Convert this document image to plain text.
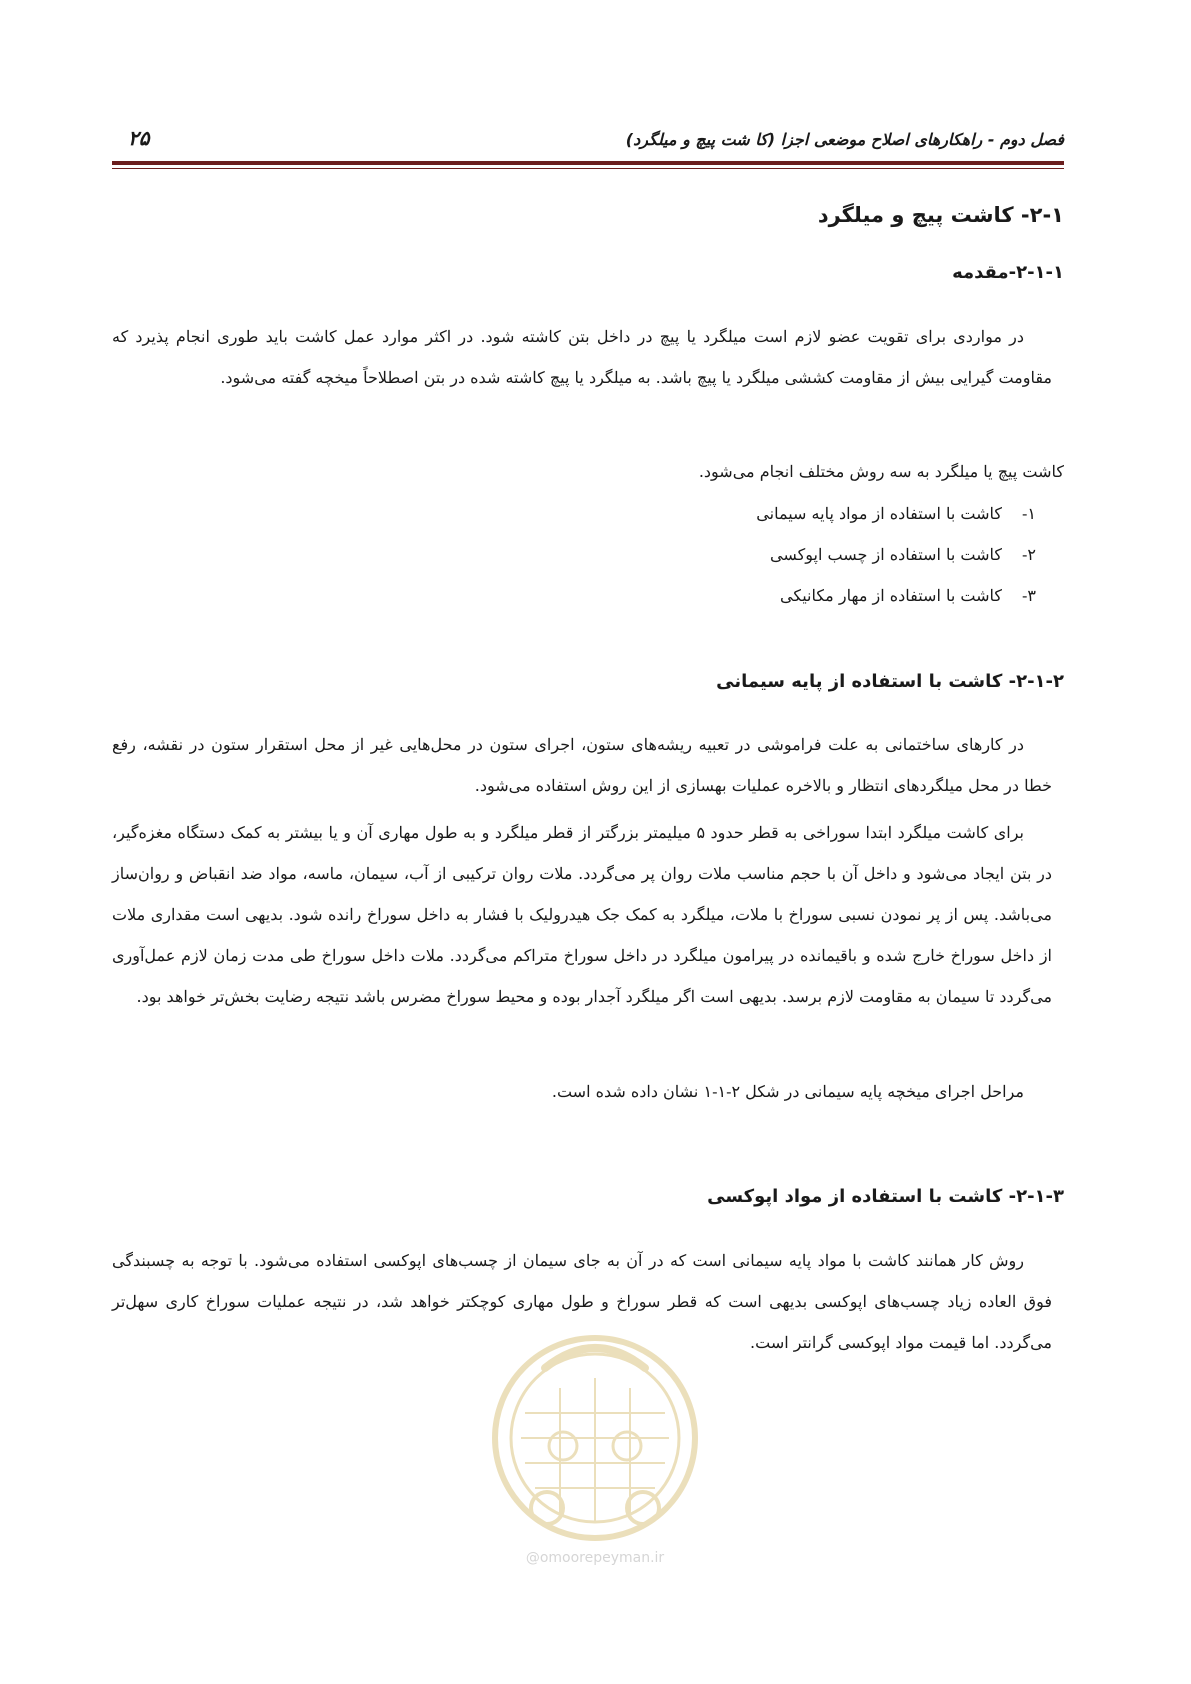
فصل دوم - راهکارهای اصلاح موضعی اجزا (کا شت پیچ و میلگرد)
۲۵
۲-۱- کاشت پیچ و میلگرد
۲-۱-۱-مقدمه

در مواردی برای تقویت عضو لازم است میلگرد یا پیچ در داخل بتن کاشته شود. در اکثر موارد عمل کاشت باید طوری انجام پذیرد که مقاومت گیرایی بیش از مقاومت کششی میلگرد یا پیچ باشد. به میلگرد یا پیچ کاشته شده در بتن اصطلاحاً میخچه گفته می‌شود.

کاشت پیچ یا میلگرد به سه روش مختلف انجام می‌شود.

۱-کاشت با استفاده از مواد پایه سیمانی
۲-کاشت با استفاده از چسب اپوکسی
۳-کاشت با استفاده از مهار مکانیکی
۲-۱-۲- کاشت با استفاده از پایه سیمانی

در کارهای ساختمانی به علت فراموشی در تعبیه ریشه‌های ستون، اجرای ستون در محل‌هایی غیر از محل استقرار ستون در نقشه، رفع خطا در محل میلگردهای انتظار و بالاخره عملیات بهسازی از این روش استفاده می‌شود.

برای کاشت میلگرد ابتدا سوراخی به قطر حدود ۵ میلیمتر بزرگتر از قطر میلگرد و به طول مهاری آن و یا بیشتر به کمک دستگاه مغزه‌گیر، در بتن ایجاد می‌شود و داخل آن با حجم مناسب ملات روان پر می‌گردد. ملات روان ترکیبی از آب، سیمان، ماسه، مواد ضد انقباض و روان‌ساز می‌باشد. پس از پر نمودن نسبی سوراخ با ملات، میلگرد به کمک جک هیدرولیک با فشار به داخل سوراخ رانده شود. بدیهی است مقداری ملات از داخل سوراخ خارج شده و باقیمانده در پیرامون میلگرد در داخل سوراخ متراکم می‌گردد. ملات داخل سوراخ طی مدت زمان لازم عمل‌آوری می‌گردد تا سیمان به مقاومت لازم برسد. بدیهی است اگر میلگرد آجدار بوده و محیط سوراخ مضرس باشد نتیجه رضایت بخش‌تر خواهد بود.

مراحل اجرای میخچه پایه سیمانی در شکل ۲-۱-۱ نشان داده شده است.

۲-۱-۳- کاشت با استفاده از مواد اپوکسی

روش کار همانند کاشت با مواد پایه سیمانی است که در آن به جای سیمان از چسب‌های اپوکسی استفاده می‌شود. با توجه به چسبندگی فوق العاده زیاد چسب‌های اپوکسی بدیهی است که قطر سوراخ و طول مهاری کوچکتر خواهد شد، در نتیجه عملیات سوراخ کاری سهل‌تر می‌گردد. اما قیمت مواد اپوکسی گرانتر است.

@omoorepeyman.ir
